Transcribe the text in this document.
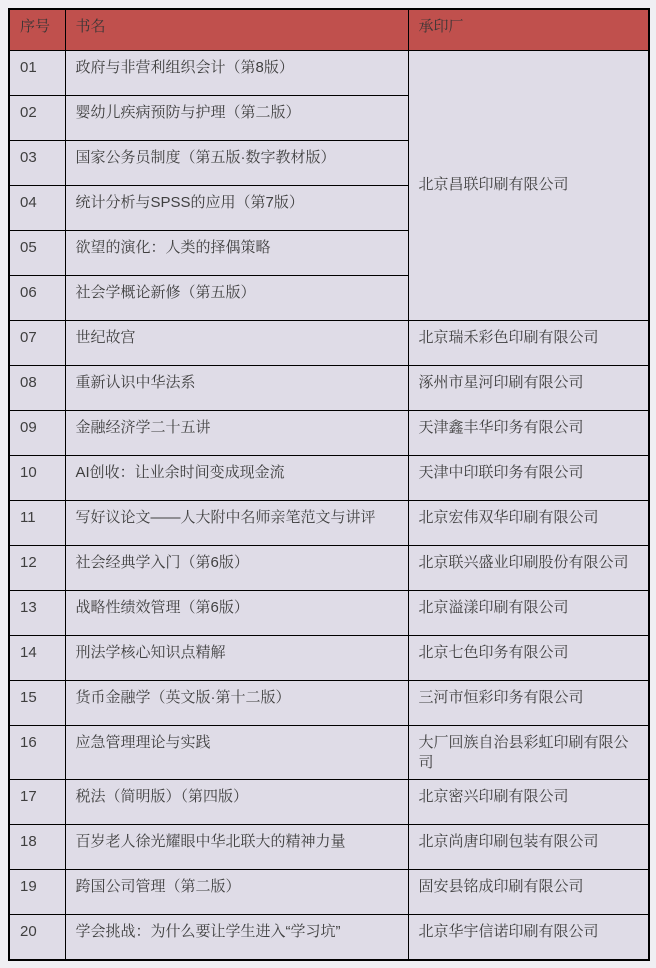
序号	书名	承印厂
01	政府与非营利组织会计（第8版）	北京昌联印刷有限公司
02	婴幼儿疾病预防与护理（第二版）	
03	国家公务员制度（第五版·数字教材版）	
04	统计分析与SPSS的应用（第7版）	
05	欲望的演化：人类的择偶策略	
06	社会学概论新修（第五版）	
07	世纪故宫	北京瑞禾彩色印刷有限公司
08	重新认识中华法系	涿州市星河印刷有限公司
09	金融经济学二十五讲	天津鑫丰华印务有限公司
10	AI创收：让业余时间变成现金流	天津中印联印务有限公司
11	写好议论文——人大附中名师亲笔范文与讲评	北京宏伟双华印刷有限公司
12	社会经典学入门（第6版）	北京联兴盛业印刷股份有限公司
13	战略性绩效管理（第6版）	北京溢漾印刷有限公司
14	刑法学核心知识点精解	北京七色印务有限公司
15	货币金融学（英文版·第十二版）	三河市恒彩印务有限公司
16	应急管理理论与实践	大厂回族自治县彩虹印刷有限公司
17	税法（简明版）（第四版）	北京密兴印刷有限公司
18	百岁老人徐光耀眼中华北联大的精神力量	北京尚唐印刷包装有限公司
19	跨国公司管理（第二版）	固安县铭成印刷有限公司
20	学会挑战：为什么要让学生进入“学习坑”	北京华宇信诺印刷有限公司
